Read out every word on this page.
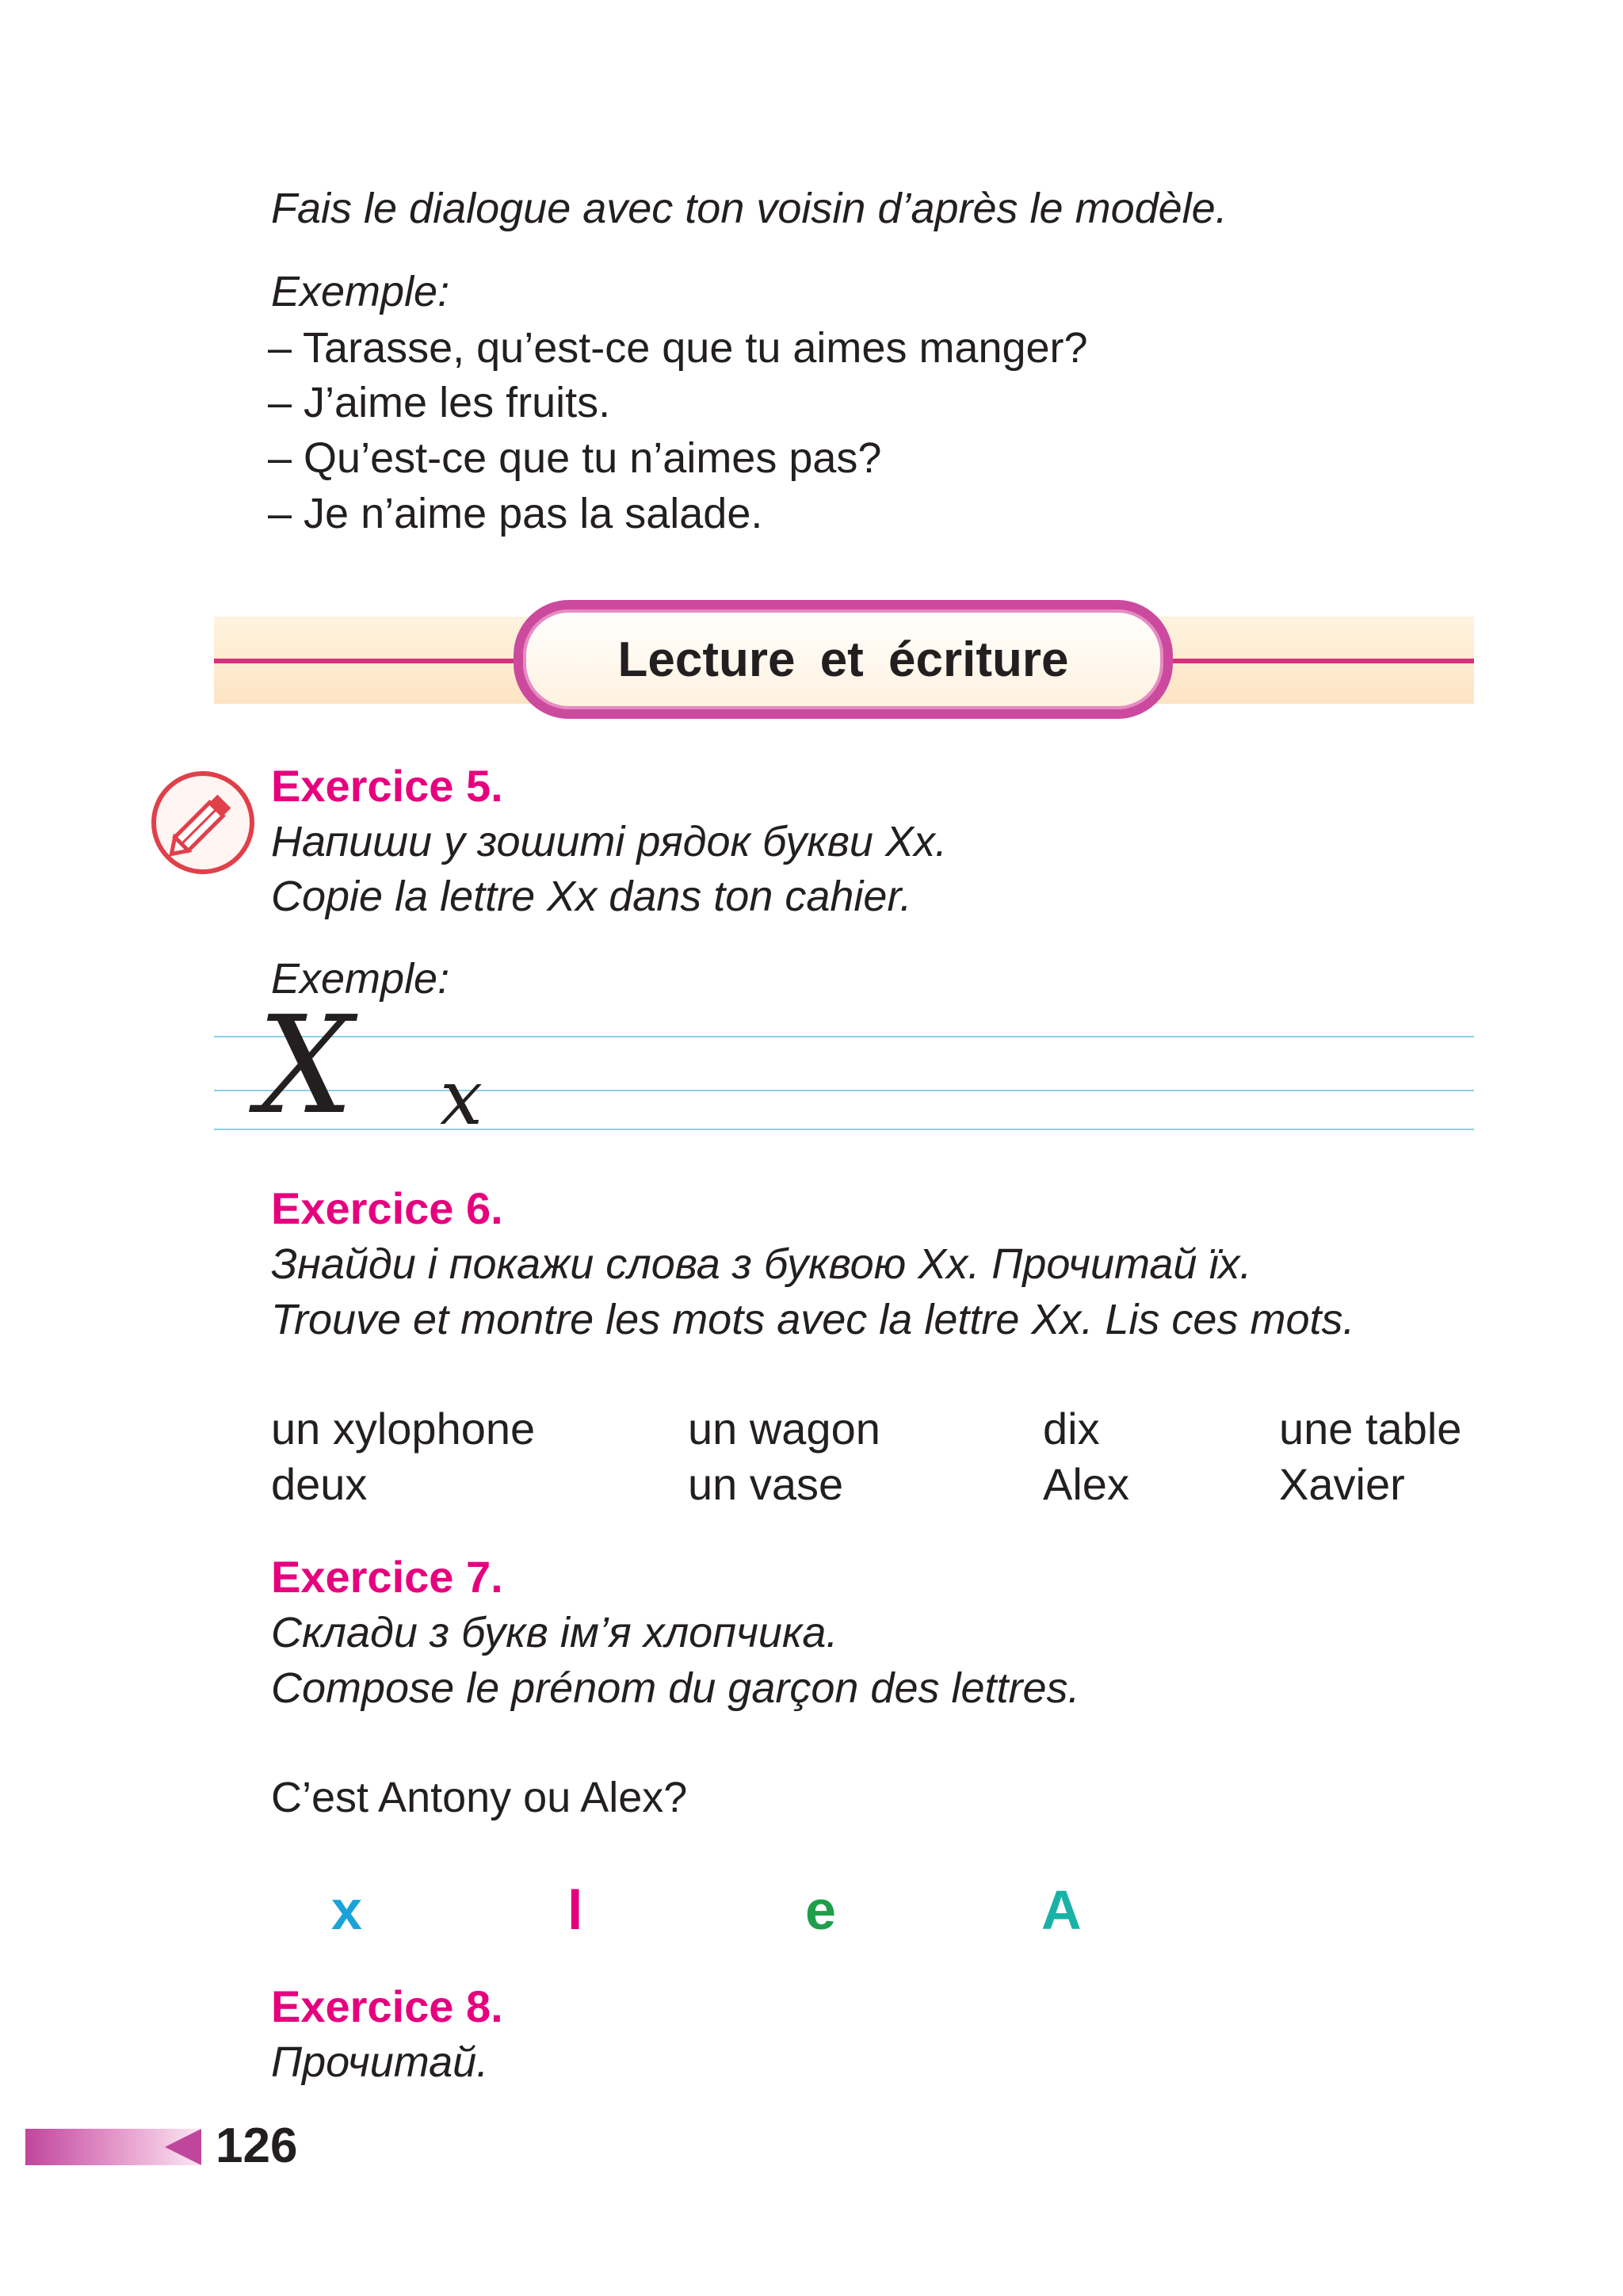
Fais le dialogue avec ton voisin d’après le modèle.
Exemple:
– Tarasse, qu’est-ce que tu aimes manger?
– J’aime les fruits.
– Qu’est-ce que tu n’aimes pas?
– Je n’aime pas la salade.
Lecture et écriture
Exercice 5.
Напиши у зошиті рядок букви Хх.
Copie la lettre Xx dans ton cahier.
Exemple:
X x
Exercice 6.
Знайди і покажи слова з буквою Хх. Прочитай їх.
Trouve et montre les mots avec la lettre Xx. Lis ces mots.
un xylophone	un wagon	dix	une table
deux	un vase	Alex	Xavier
Exercice 7.
Склади з букв ім’я хлопчика.
Compose le prénom du garçon des lettres.
C’est Antony ou Alex?
x	l	e	A
Exercice 8.
Прочитай.
126
